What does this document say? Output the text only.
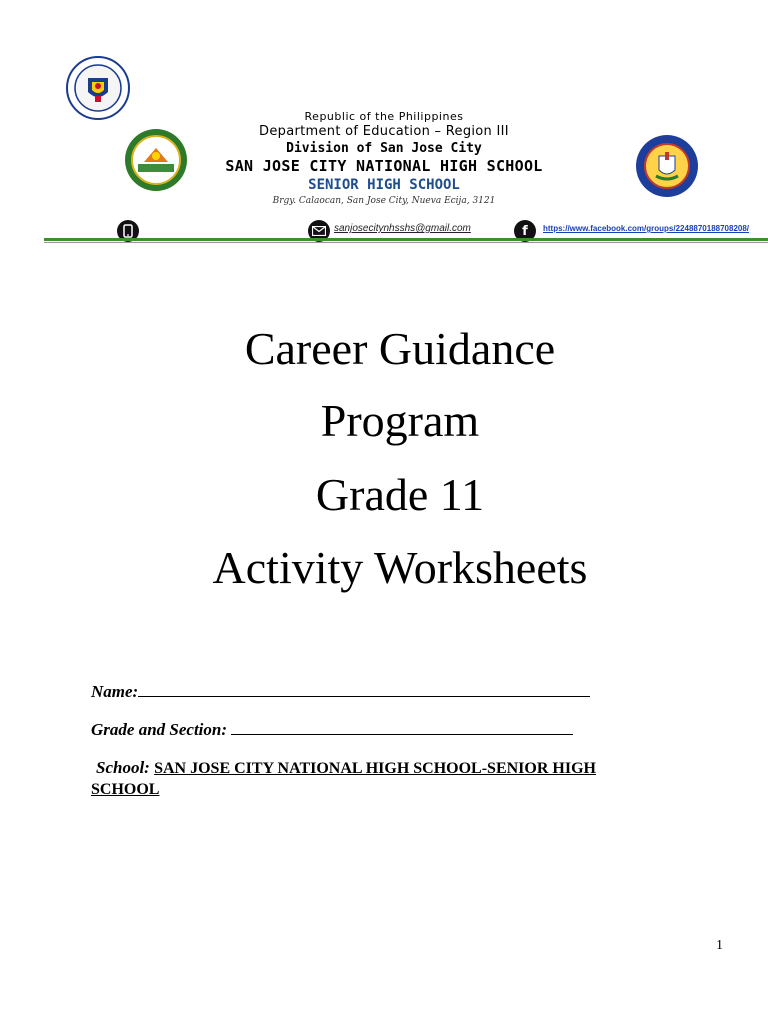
Republic of the Philippines
Department of Education – Region III
Division of San Jose City
SAN JOSE CITY NATIONAL HIGH SCHOOL
SENIOR HIGH SCHOOL
Brgy. Calaocan, San Jose City, Nueva Ecija, 3121
sanjosecitynhsshs@gmail.com	f https://www.facebook.com/groups/2248870188708208/
Career Guidance
Program
Grade 11
Activity Worksheets
Name:
Grade and Section:
School: SAN JOSE CITY NATIONAL HIGH SCHOOL-SENIOR HIGH
SCHOOL
1
